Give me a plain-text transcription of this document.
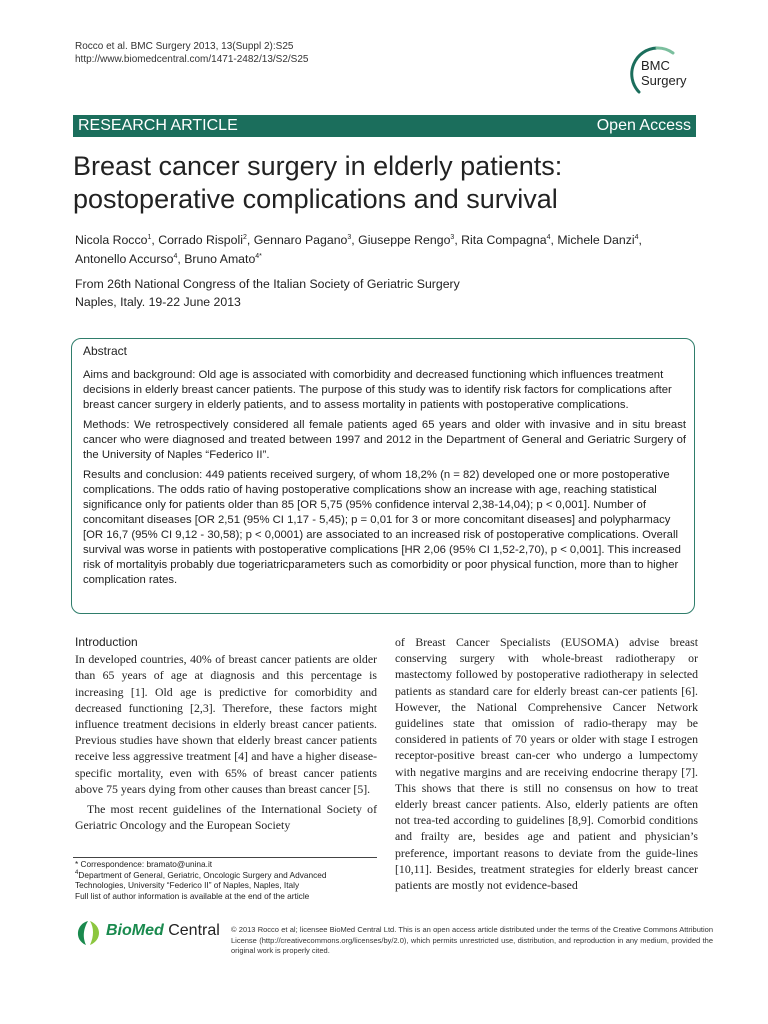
Rocco et al. BMC Surgery 2013, 13(Suppl 2):S25
http://www.biomedcentral.com/1471-2482/13/S2/S25	BMC
Surgery
RESEARCH ARTICLE	Open Access
Breast cancer surgery in elderly patients:
postoperative complications and survival
Nicola Rocco$^1$, Corrado Rispoli$^2$, Gennaro Pagano$^3$, Giuseppe Rengo$^3$, Rita Compagna$^4$, Michele Danzi$^4$, Antonello Accurso$^4$, Bruno Amato$^{4*}$
From 26th National Congress of the Italian Society of Geriatric Surgery
Naples, Italy. 19-22 June 2013
Abstract

Aims and background: Old age is associated with comorbidity and decreased functioning which influences treatment decisions in elderly breast cancer patients. The purpose of this study was to identify risk factors for complications after breast cancer surgery in elderly patients, and to assess mortality in patients with postoperative complications.

Methods: We retrospectively considered all female patients aged 65 years and older with invasive and in situ breast cancer who were diagnosed and treated between 1997 and 2012 in the Department of General and Geriatric Surgery of the University of Naples “Federico II”.

Results and conclusion: 449 patients received surgery, of whom 18,2% (n = 82) developed one or more postoperative complications. The odds ratio of having postoperative complications show an increase with age, reaching statistical significance only for patients older than 85 [OR 5,75 (95% confidence interval 2,38-14,04); p < 0,001]. Number of concomitant diseases [OR 2,51 (95% CI 1,17 - 5,45); p = 0,01 for 3 or more concomitant diseases] and polypharmacy [OR 16,7 (95% CI 9,12 - 30,58); p < 0,0001) are associated to an increased risk of postoperative complications. Overall survival was worse in patients with postoperative complications [HR 2,06 (95% CI 1,52-2,70), p < 0,001]. This increased risk of mortalityis probably due togeriatricparameters such as comorbidity or poor physical function, more than to higher complication rates.

Introduction

In developed countries, 40% of breast cancer patients are older than 65 years of age at diagnosis and this percentage is increasing [1]. Old age is predictive for comorbidity and decreased functioning [2,3]. Therefore, these factors might influence treatment decisions in elderly breast cancer patients. Previous studies have shown that elderly breast cancer patients receive less aggressive treatment [4] and have a higher disease-specific mortality, even with 65% of breast cancer patients above 75 years dying from other causes than breast cancer [5].

The most recent guidelines of the International Society of Geriatric Oncology and the European Society

of Breast Cancer Specialists (EUSOMA) advise breast conserving surgery with whole-breast radiotherapy or mastectomy followed by postoperative radiotherapy in selected patients as standard care for elderly breast can-cer patients [6]. However, the National Comprehensive Cancer Network guidelines state that omission of radio-therapy may be considered in patients of 70 years or older with stage I estrogen receptor-positive breast can-cer who undergo a lumpectomy with negative margins and are receiving endocrine therapy [7]. This shows that there is still no consensus on how to treat elderly breast cancer patients. Also, elderly patients are often not trea-ted according to guidelines [8,9]. Comorbid conditions and frailty are, besides age and patient and physician’s preference, important reasons to deviate from the guide-lines [10,11]. Besides, treatment strategies for elderly breast cancer patients are mostly not evidence-based

* Correspondence: bramato@unina.it
$^4$Department of General, Geriatric, Oncologic Surgery and Advanced Technologies, University “Federico II” of Naples, Naples, Italy
Full list of author information is available at the end of the article
BioMed Central © 2013 Rocco et al; licensee BioMed Central Ltd. This is an open access article distributed under the terms of the Creative Commons Attribution License (http://creativecommons.org/licenses/by/2.0), which permits unrestricted use, distribution, and reproduction in any medium, provided the original work is properly cited.
